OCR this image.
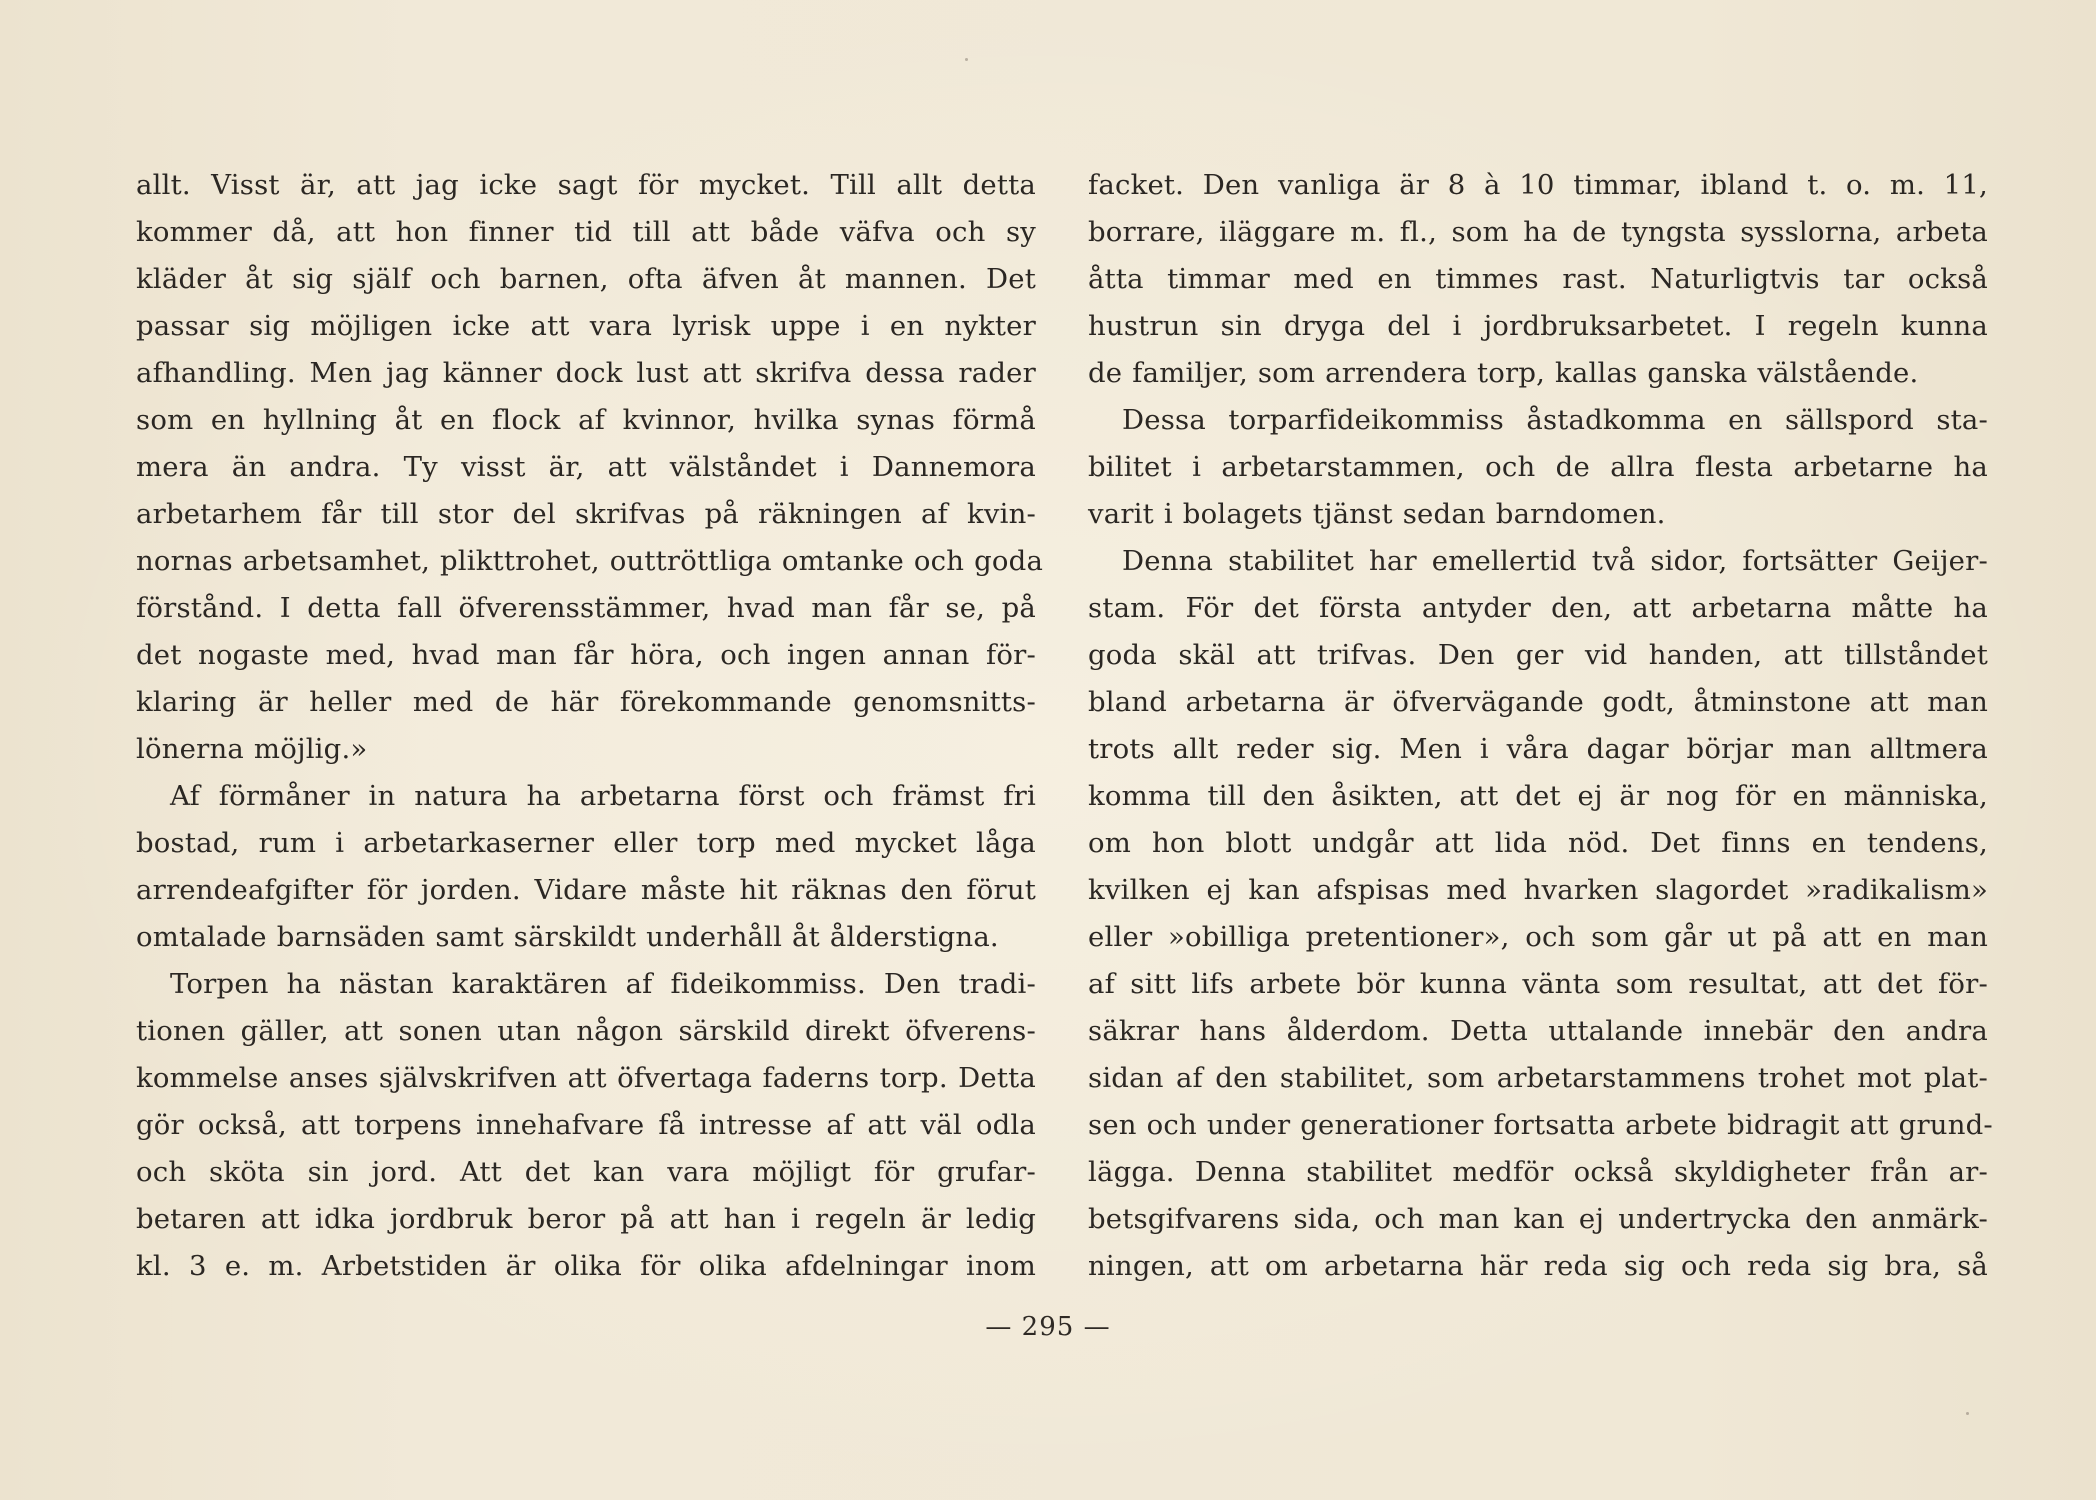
allt. Visst är, att jag icke sagt för mycket. Till allt detta
kommer då, att hon finner tid till att både väfva och sy
kläder åt sig själf och barnen, ofta äfven åt mannen. Det
passar sig möjligen icke att vara lyrisk uppe i en nykter
afhandling. Men jag känner dock lust att skrifva dessa rader
som en hyllning åt en flock af kvinnor, hvilka synas förmå
mera än andra. Ty visst är, att välståndet i Dannemora
arbetarhem får till stor del skrifvas på räkningen af kvin-
nornas arbetsamhet, plikttrohet, outtröttliga omtanke och goda
förstånd. I detta fall öfverensstämmer, hvad man får se, på
det nogaste med, hvad man får höra, och ingen annan för-
klaring är heller med de här förekommande genomsnitts-
lönerna möjlig.»
Af förmåner in natura ha arbetarna först och främst fri
bostad, rum i arbetarkaserner eller torp med mycket låga
arrendeafgifter för jorden. Vidare måste hit räknas den förut
omtalade barnsäden samt särskildt underhåll åt ålderstigna.
Torpen ha nästan karaktären af fideikommiss. Den tradi-
tionen gäller, att sonen utan någon särskild direkt öfverens-
kommelse anses självskrifven att öfvertaga faderns torp. Detta
gör också, att torpens innehafvare få intresse af att väl odla
och sköta sin jord. Att det kan vara möjligt för grufar-
betaren att idka jordbruk beror på att han i regeln är ledig
kl. 3 e. m. Arbetstiden är olika för olika afdelningar inom
facket. Den vanliga är 8 à 10 timmar, ibland t. o. m. 11,
borrare, iläggare m. fl., som ha de tyngsta sysslorna, arbeta
åtta timmar med en timmes rast. Naturligtvis tar också
hustrun sin dryga del i jordbruksarbetet. I regeln kunna
de familjer, som arrendera torp, kallas ganska välstående.
Dessa torparfideikommiss åstadkomma en sällspord sta-
bilitet i arbetarstammen, och de allra flesta arbetarne ha
varit i bolagets tjänst sedan barndomen.
Denna stabilitet har emellertid två sidor, fortsätter Geijer-
stam. För det första antyder den, att arbetarna måtte ha
goda skäl att trifvas. Den ger vid handen, att tillståndet
bland arbetarna är öfvervägande godt, åtminstone att man
trots allt reder sig. Men i våra dagar börjar man alltmera
komma till den åsikten, att det ej är nog för en människa,
om hon blott undgår att lida nöd. Det finns en tendens,
kvilken ej kan afspisas med hvarken slagordet »radikalism»
eller »obilliga pretentioner», och som går ut på att en man
af sitt lifs arbete bör kunna vänta som resultat, att det för-
säkrar hans ålderdom. Detta uttalande innebär den andra
sidan af den stabilitet, som arbetarstammens trohet mot plat-
sen och under generationer fortsatta arbete bidragit att grund-
lägga. Denna stabilitet medför också skyldigheter från ar-
betsgifvarens sida, och man kan ej undertrycka den anmärk-
ningen, att om arbetarna här reda sig och reda sig bra, så
— 295 —
